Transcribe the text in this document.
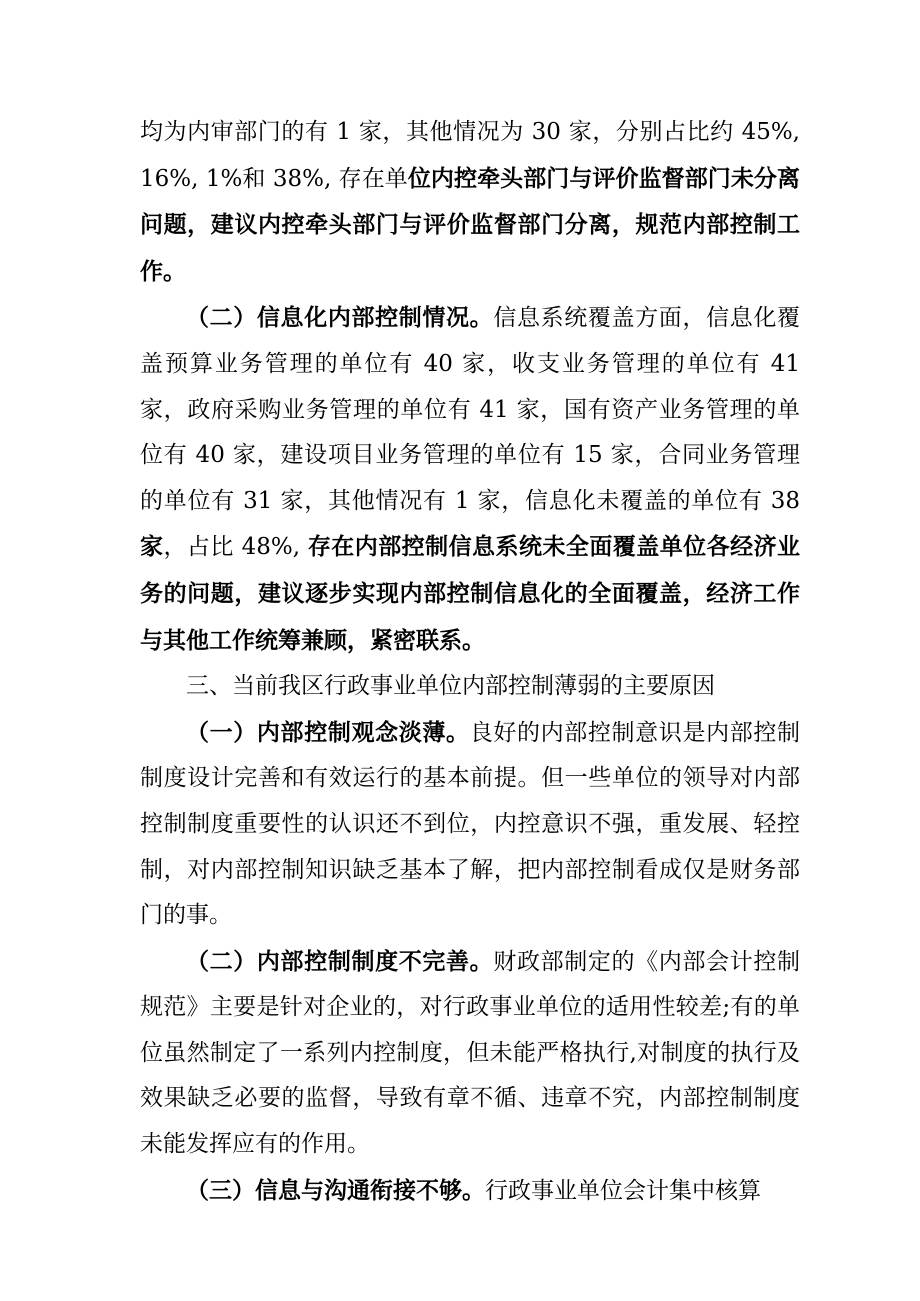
均为内审部门的有 1 家，其他情况为 30 家，分别占比约 45%, 16%, 1%和 38%, 存在单位内控牵头部门与评价监督部门未分离问题，建议内控牵头部门与评价监督部门分离，规范内部控制工作。

（二）信息化内部控制情况。信息系统覆盖方面，信息化覆盖预算业务管理的单位有 40 家，收支业务管理的单位有 41 家，政府采购业务管理的单位有 41 家，国有资产业务管理的单位有 40 家，建设项目业务管理的单位有 15 家，合同业务管理的单位有 31 家，其他情况有 1 家，信息化未覆盖的单位有 38家，占比 48%, 存在内部控制信息系统未全面覆盖单位各经济业务的问题，建议逐步实现内部控制信息化的全面覆盖，经济工作与其他工作统筹兼顾，紧密联系。

三、当前我区行政事业单位内部控制薄弱的主要原因

（一）内部控制观念淡薄。良好的内部控制意识是内部控制制度设计完善和有效运行的基本前提。但一些单位的领导对内部控制制度重要性的认识还不到位，内控意识不强，重发展、轻控制，对内部控制知识缺乏基本了解，把内部控制看成仅是财务部门的事。

（二）内部控制制度不完善。财政部制定的《内部会计控制规范》主要是针对企业的，对行政事业单位的适用性较差;有的单位虽然制定了一系列内控制度，但未能严格执行,对制度的执行及效果缺乏必要的监督，导致有章不循、违章不究，内部控制制度未能发挥应有的作用。

（三）信息与沟通衔接不够。行政事业单位会计集中核算
